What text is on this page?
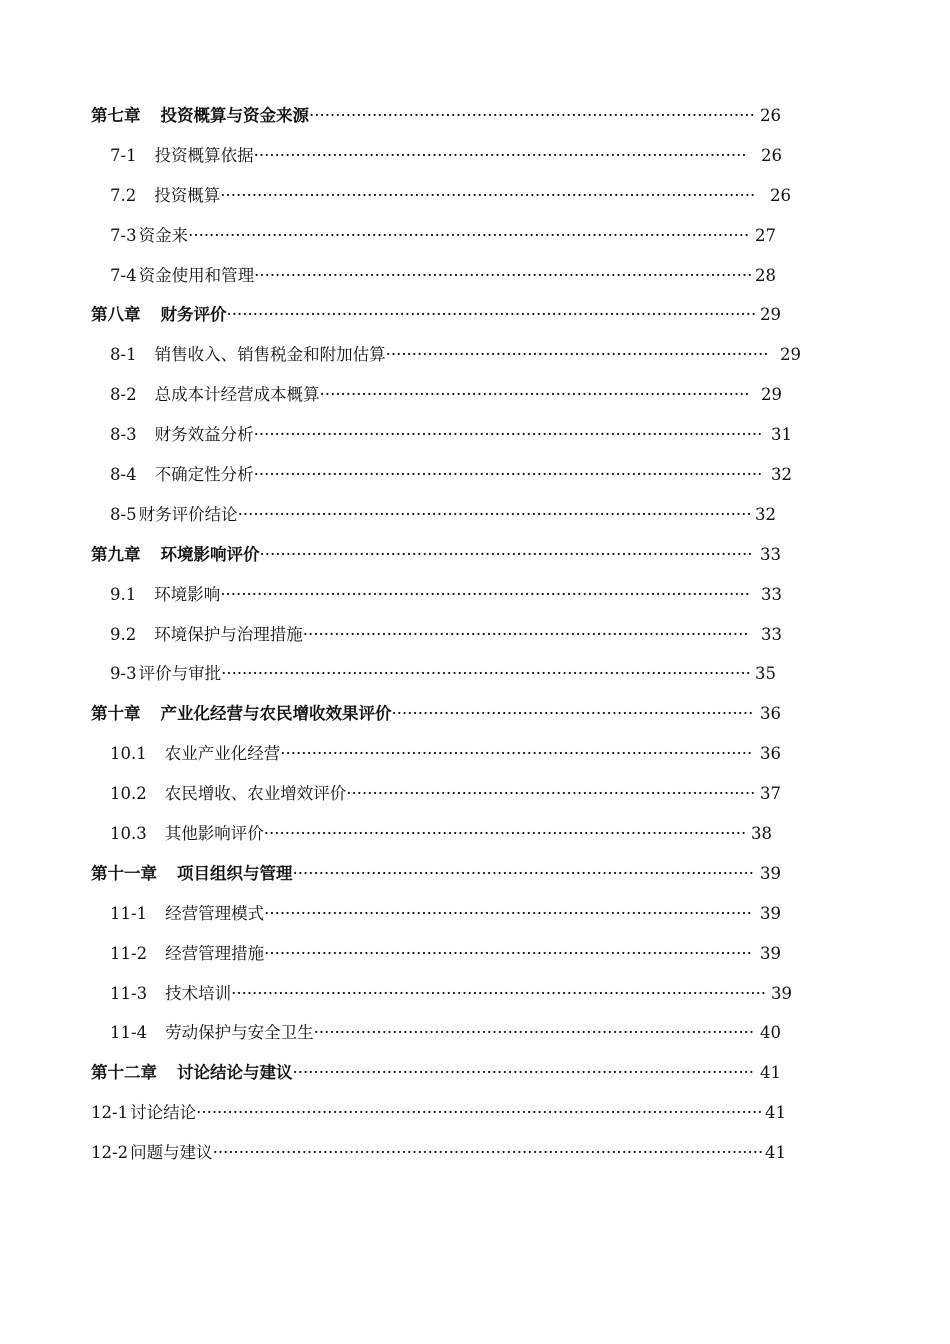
第七章 投资概算与资金来源····················································································· 26
7-1 投资概算依据······························································································ 26
7.2 投资概算······································································································ 26
7-3 资金来··········································································································· 27
7-4 资金使用和管理······························································································· 28
第八章 财务评价····································································································· 29
8-1 销售收入、销售税金和附加估算········································································· 29
8-2 总成本计经营成本概算·················································································· 29
8-3 财务效益分析································································································· 31
8-4 不确定性分析································································································· 32
8-5 财务评价结论·································································································· 32
第九章 环境影响评价······························································································ 33
9.1 环境影响····································································································· 33
9.2 环境保护与治理措施····················································································· 33
9-3 评价与审批····································································································· 35
第十章 产业化经营与农民增收效果评价····································································· 36
10.1 农业产业化经营·························································································· 36
10.2 农民增收、农业增效评价·············································································· 37
10.3 其他影响评价···························································································· 38
第十一章 项目组织与管理························································································ 39
11-1 经营管理模式····························································································· 39
11-2 经营管理措施····························································································· 39
11-3 技术培训······································································································ 39
11-4 劳动保护与安全卫生···················································································· 40
第十二章 讨论结论与建议························································································ 41
12-1 讨论结论············································································································ 41
12-2 问题与建议········································································································· 41
